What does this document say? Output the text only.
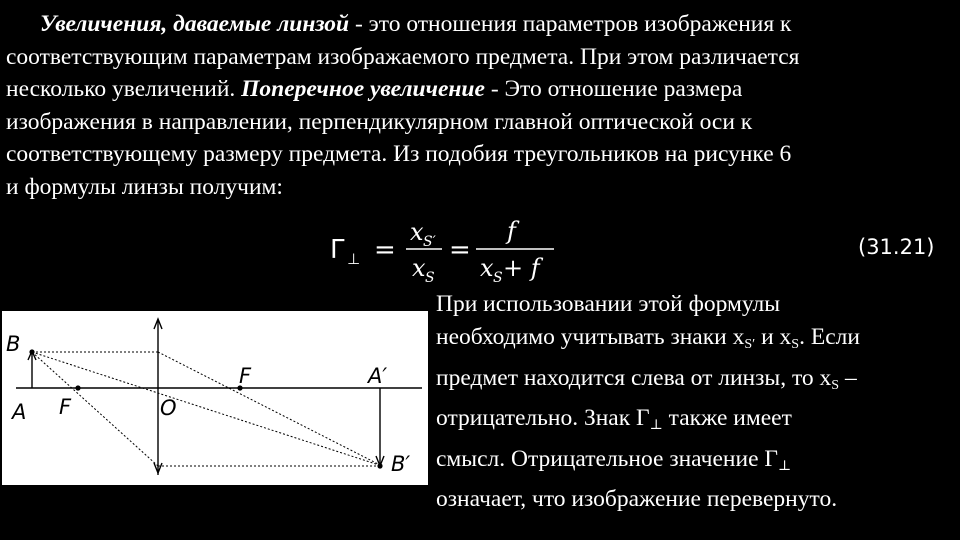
Увеличения, даваемые линзой - это отношения параметров изображения к
соответствующим параметрам изображаемого предмета. При этом различается
несколько увеличений. Поперечное увеличение - Это отношение размера
изображения в направлении, перпендикулярном главной оптической оси к
соответствующему размеру предмета. Из подобия треугольников на рисунке 6
и формулы линзы получим:
Γ ⊥ =
x S′
x S
=
f
x S + f
(31.21)
B
A F	O
F	A′
B′
При использовании этой формулы
необходимо учитывать знаки $x_{S'}$ и $x_S$. Если
предмет находится слева от линзы, то $x_S$ –
отрицательно. Знак $Г_\perp$ также имеет
смысл. Отрицательное значение $Г_\perp$
означает, что изображение перевернуто.
